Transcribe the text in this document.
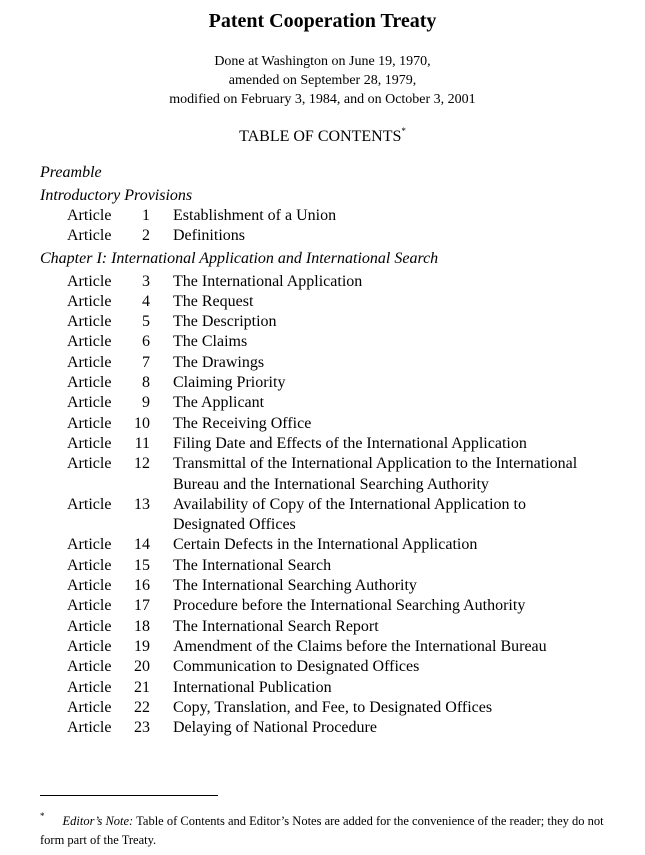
Patent Cooperation Treaty
Done at Washington on June 19, 1970,
amended on September 28, 1979,
modified on February 3, 1984, and on October 3, 2001
TABLE OF CONTENTS*
Preamble
Introductory Provisions
Article	1 Establishment of a Union
Article	2 Definitions
Chapter I: International Application and International Search
Article	3 The International Application
Article	4 The Request
Article	5 The Description
Article	6 The Claims
Article	7 The Drawings
Article	8 Claiming Priority
Article	9 The Applicant
Article	10 The Receiving Office
Article	11 Filing Date and Effects of the International Application
Article	12 Transmittal of the International Application to the International Bureau and the International Searching Authority
Article	13 Availability of Copy of the International Application to Designated Offices
Article	14 Certain Defects in the International Application
Article	15 The International Search
Article	16 The International Searching Authority
Article	17 Procedure before the International Searching Authority
Article	18 The International Search Report
Article	19 Amendment of the Claims before the International Bureau
Article	20 Communication to Designated Offices
Article	21 International Publication
Article	22 Copy, Translation, and Fee, to Designated Offices
Article	23 Delaying of National Procedure
* Editor’s Note: Table of Contents and Editor’s Notes are added for the convenience of the reader; they do not form part of the Treaty.
